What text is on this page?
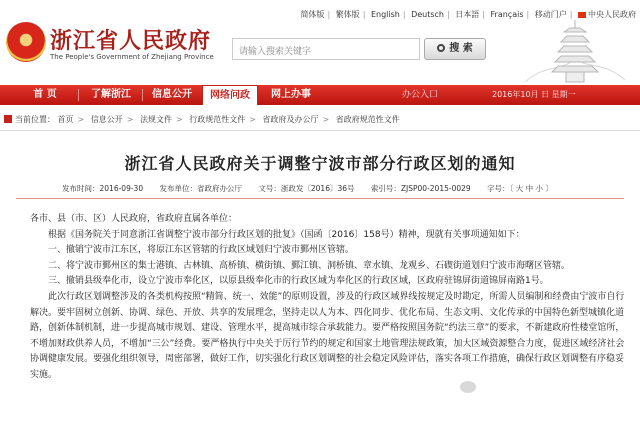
浙江省人民政府
The People's Government of Zhejiang Province
简体版 | 繁体版 | English | Deutsch | 日本語 | Français | 移动门户 | 中央人民政府
请输入搜索关键字	搜 索
首 页	了解浙江	信息公开	网络问政	网上办事	办公入口	2016年10月 日 星期一
当前位置： 首页 > 信息公开 > 法规文件 > 行政规范性文件 > 省政府及办公厅 > 省政府规范性文件
浙江省人民政府关于调整宁波市部分行政区划的通知
发布时间：2016-09-30 发布单位：省政府办公厅 文号：浙政发〔2016〕36号 索引号：ZJSP00-2015-0029 字号：〔 大 中 小 〕

各市、县（市、区）人民政府，省政府直属各单位：

根据《国务院关于同意浙江省调整宁波市部分行政区划的批复》（国函〔2016〕158号）精神，现就有关事项通知如下：

一、撤销宁波市江东区，将原江东区管辖的行政区域划归宁波市鄞州区管辖。

二、将宁波市鄞州区的集士港镇、古林镇、高桥镇、横街镇、鄞江镇、洞桥镇、章水镇、龙观乡、石碶街道划归宁波市海曙区管辖。

三、撤销县级奉化市，设立宁波市奉化区，以原县级奉化市的行政区域为奉化区的行政区域，区政府驻锦屏街道锦屏南路1号。

此次行政区划调整涉及的各类机构按照“精简、统一、效能”的原则设置，涉及的行政区域界线按规定及时勘定，所需人员编制和经费由宁波市自行解决。要牢固树立创新、协调、绿色、开放、共享的发展理念，坚持走以人为本、四化同步、优化布局、生态文明、文化传承的中国特色新型城镇化道路，创新体制机制，进一步提高城市规划、建设、管理水平，提高城市综合承载能力。要严格按照国务院“约法三章”的要求，不新建政府性楼堂馆所，不增加财政供养人员，不增加“三公”经费。要严格执行中央关于厉行节约的规定和国家土地管理法规政策，加大区域资源整合力度，促进区域经济社会协调健康发展。要强化组织领导，周密部署，做好工作，切实强化行政区划调整的社会稳定风险评估，落实各项工作措施，确保行政区划调整有序稳妥实施。
